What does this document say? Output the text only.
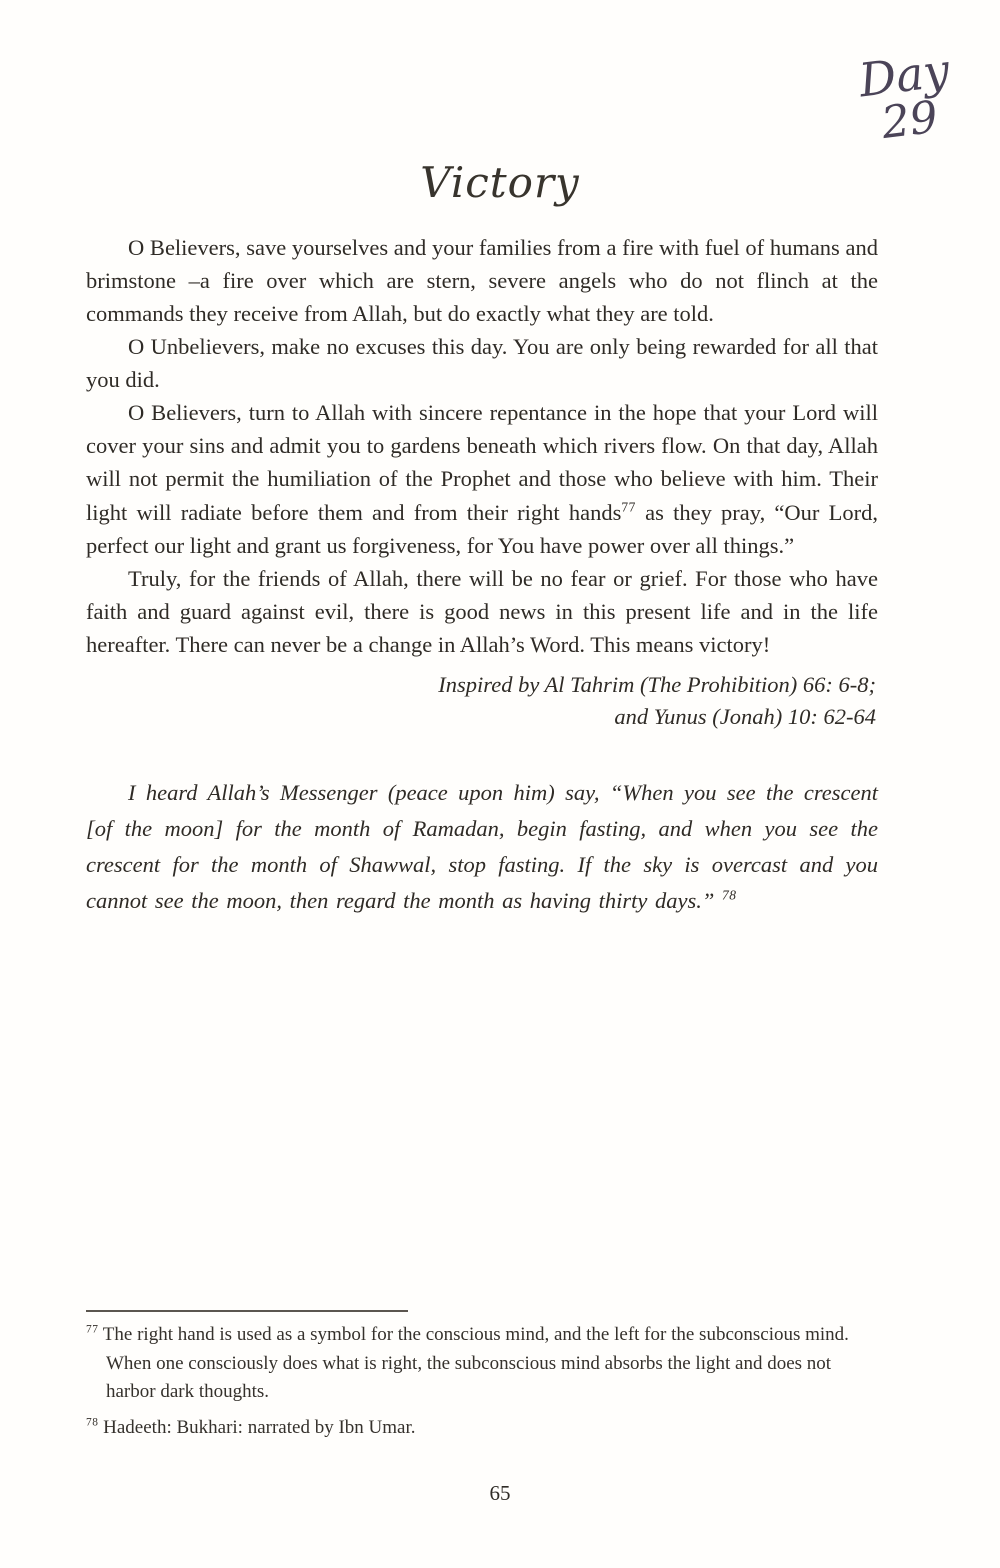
Day
29
Victory

O Believers, save yourselves and your families from a fire with fuel of humans and brimstone –a fire over which are stern, severe angels who do not flinch at the commands they receive from Allah, but do exactly what they are told.

O Unbelievers, make no excuses this day. You are only being rewarded for all that you did.

O Believers, turn to Allah with sincere repentance in the hope that your Lord will cover your sins and admit you to gardens beneath which rivers flow. On that day, Allah will not permit the humiliation of the Prophet and those who believe with him. Their light will radiate before them and from their right hands$^{77}$ as they pray, “Our Lord, perfect our light and grant us forgiveness, for You have power over all things.”

Truly, for the friends of Allah, there will be no fear or grief. For those who have faith and guard against evil, there is good news in this present life and in the life hereafter. There can never be a change in Allah’s Word. This means victory!

Inspired by Al Tahrim (The Prohibition) 66: 6-8;
and Yunus (Jonah) 10: 62-64

I heard Allah’s Messenger (peace upon him) say, “When you see the crescent [of the moon] for the month of Ramadan, begin fasting, and when you see the crescent for the month of Shawwal, stop fasting. If the sky is overcast and you cannot see the moon, then regard the month as having thirty days.” $^{78}$

$^{77}$ The right hand is used as a symbol for the conscious mind, and the left for the subconscious mind. When one consciously does what is right, the subconscious mind absorbs the light and does not harbor dark thoughts.

$^{78}$ Hadeeth: Bukhari: narrated by Ibn Umar.

65
